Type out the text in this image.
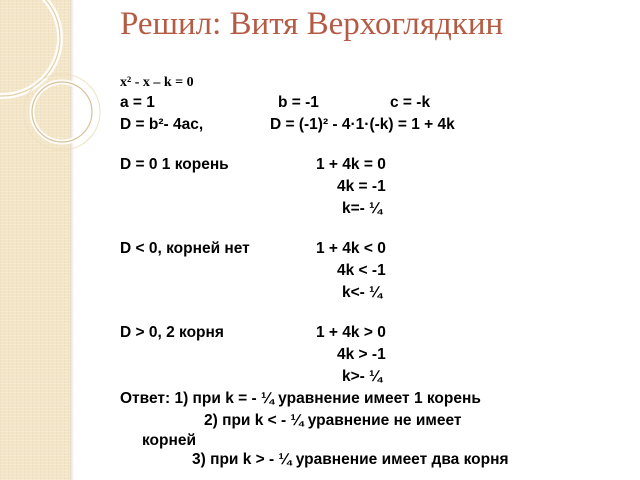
Решил: Витя Верхоглядкин
x² - x – k = 0
a = 1	b = -1	c = -k
D = b²- 4ac,	D = (-1)² - 4·1·(-k) = 1 + 4k
D = 0 1 корень	1 + 4k = 0
4k = -1
k=- ¼
D < 0, корней нет	1 + 4k < 0
4k < -1
k<- ¼
D > 0, 2 корня	1 + 4k > 0
4k > -1
k>- ¼
Ответ: 1) при k = - ¼ уравнение имеет 1 корень
2) при k < - ¼ уравнение не имеет
корней
3) при k > - ¼ уравнение имеет два корня
